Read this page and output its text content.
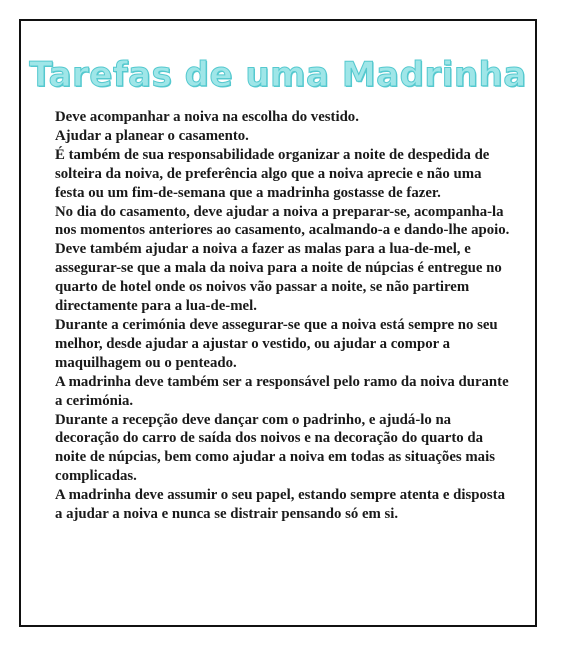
Tarefas de uma Madrinha

Deve acompanhar a noiva na escolha do vestido.

Ajudar a planear o casamento.

É também de sua responsabilidade organizar a noite de despedida de solteira da noiva, de preferência algo que a noiva aprecie e não uma festa ou um fim-de-semana que a madrinha gostasse de fazer.

No dia do casamento, deve ajudar a noiva a preparar-se, acompanha-la nos momentos anteriores ao casamento, acalmando-a e dando-lhe apoio.

Deve também ajudar a noiva a fazer as malas para a lua-de-mel, e assegurar-se que a mala da noiva para a noite de núpcias é entregue no quarto de hotel onde os noivos vão passar a noite, se não partirem directamente para a lua-de-mel.

Durante a cerimónia deve assegurar-se que a noiva está sempre no seu melhor, desde ajudar a ajustar o vestido, ou ajudar a compor a maquilhagem ou o penteado.

A madrinha deve também ser a responsável pelo ramo da noiva durante a cerimónia.

Durante a recepção deve dançar com o padrinho, e ajudá-lo na decoração do carro de saída dos noivos e na decoração do quarto da noite de núpcias, bem como ajudar a noiva em todas as situações mais complicadas.

A madrinha deve assumir o seu papel, estando sempre atenta e disposta a ajudar a noiva e nunca se distrair pensando só em si.
